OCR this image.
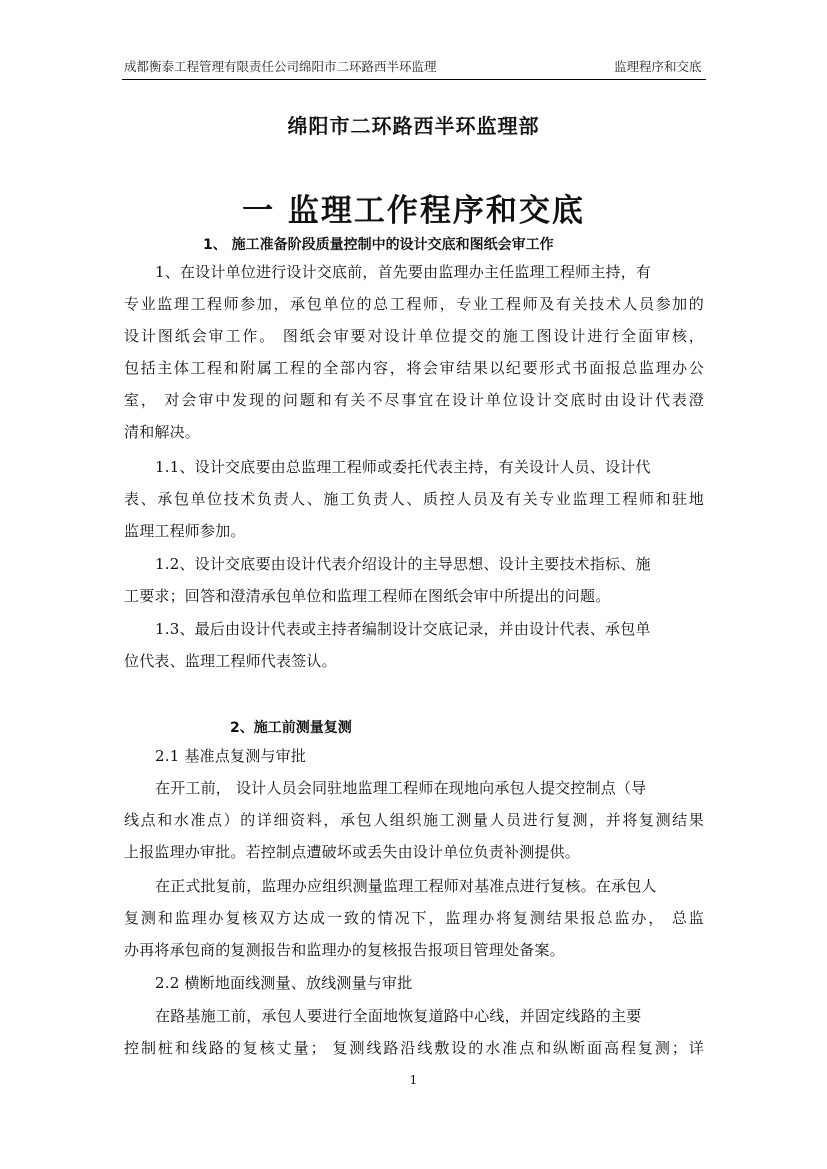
成都衡泰工程管理有限责任公司绵阳市二环路西半环监理	监理程序和交底
绵阳市二环路西半环监理部
一 监理工作程序和交底
1、 施工准备阶段质量控制中的设计交底和图纸会审工作
1、在设计单位进行设计交底前，首先要由监理办主任监理工程师主持，有
专业监理工程师参加，承包单位的总工程师，专业工程师及有关技术人员参加的
设计图纸会审工作。 图纸会审要对设计单位提交的施工图设计进行全面审核，
包括主体工程和附属工程的全部内容，将会审结果以纪要形式书面报总监理办公
室， 对会审中发现的问题和有关不尽事宜在设计单位设计交底时由设计代表澄
清和解决。
1.1、设计交底要由总监理工程师或委托代表主持，有关设计人员、设计代
表、承包单位技术负责人、施工负责人、质控人员及有关专业监理工程师和驻地
监理工程师参加。
1.2、设计交底要由设计代表介绍设计的主导思想、设计主要技术指标、施
工要求；回答和澄清承包单位和监理工程师在图纸会审中所提出的问题。
1.3、最后由设计代表或主持者编制设计交底记录，并由设计代表、承包单
位代表、监理工程师代表签认。
2、施工前测量复测
2.1 基准点复测与审批
在开工前， 设计人员会同驻地监理工程师在现地向承包人提交控制点（导
线点和水准点）的详细资料，承包人组织施工测量人员进行复测，并将复测结果
上报监理办审批。若控制点遭破坏或丢失由设计单位负责补测提供。
在正式批复前，监理办应组织测量监理工程师对基准点进行复核。在承包人
复测和监理办复核双方达成一致的情况下，监理办将复测结果报总监办， 总监
办再将承包商的复测报告和监理办的复核报告报项目管理处备案。
2.2 横断地面线测量、放线测量与审批
在路基施工前，承包人要进行全面地恢复道路中心线，并固定线路的主要
控制桩和线路的复核丈量； 复测线路沿线敷设的水准点和纵断面高程复测；详
1
